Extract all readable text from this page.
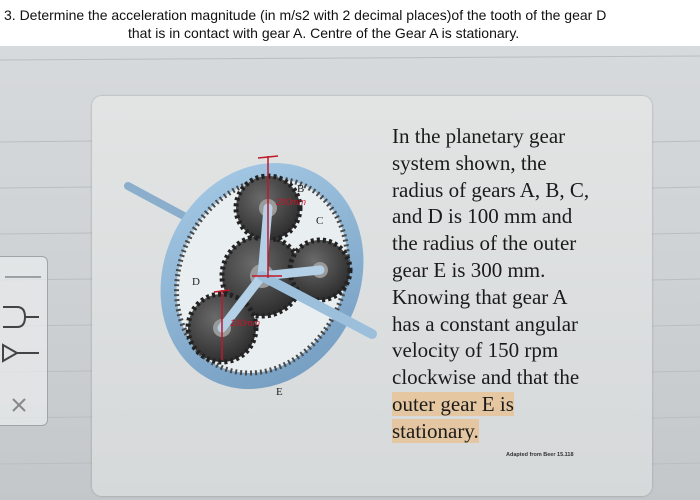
3. Determine the acceleration magnitude (in m/s2 with 2 decimal places)of the tooth of the gear D
that is in contact with gear A. Centre of the Gear A is stationary.
B
C
D
E
200mm
100mm
In the planetary gear
system shown, the
radius of gears A, B, C,
and D is 100 mm and
the radius of the outer
gear E is 300 mm.
Knowing that gear A
has a constant angular
velocity of 150 rpm
clockwise and that the
outer gear E is
stationary.
Adapted from Beer 15.118
